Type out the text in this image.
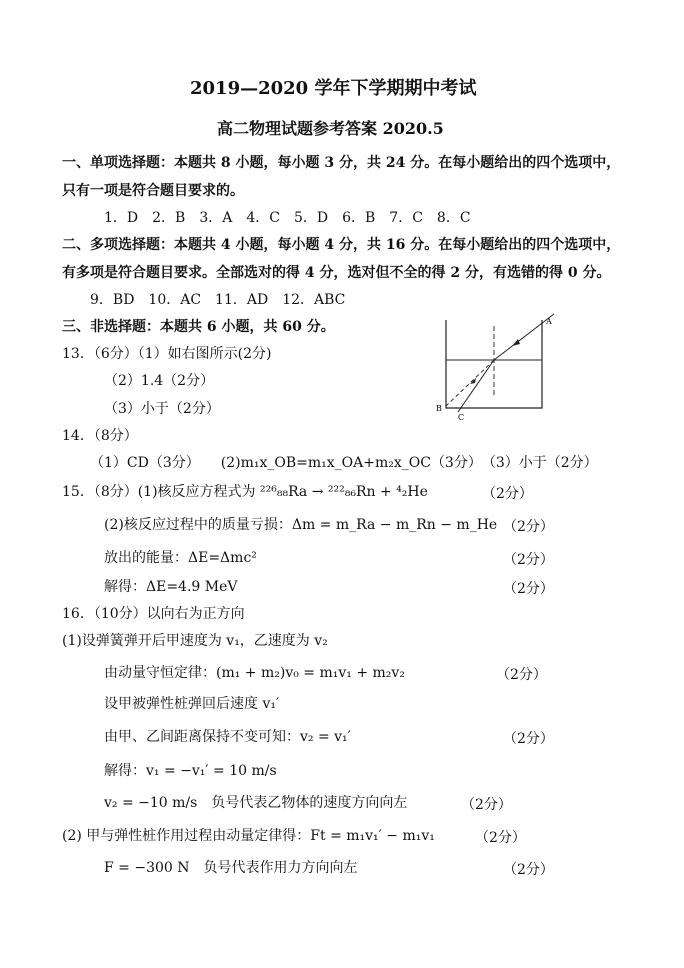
2019—2020 学年下学期期中考试
高二物理试题参考答案 2020.5
一、单项选择题：本题共 8 小题，每小题 3 分，共 24 分。在每小题给出的四个选项中，
只有一项是符合题目要求的。
1．D　2．B　3．A　4．C　5．D　6．B　7．C　8．C
二、多项选择题：本题共 4 小题，每小题 4 分，共 16 分。在每小题给出的四个选项中，
有多项是符合题目要求。全部选对的得 4 分，选对但不全的得 2 分，有选错的得 0 分。
9．BD　10．AC　11．AD　12．ABC
三、非选择题：本题共 6 小题，共 60 分。
13．（6分）（1）如右图所示(2分)
（2）1.4（2分）
（3）小于（2分）
A
B
C
14．（8分）
（1）CD（3分）　　(2)m₁x_OB=m₁x_OA+m₂x_OC（3分）　（3）小于（2分）
15．（8分）(1)核反应方程式为 ²²⁶₈₈Ra → ²²²₈₆Rn + ⁴₂He	（2分）
(2)核反应过程中的质量亏损：Δm = m_Ra − m_Rn − m_He （2分）
放出的能量：ΔE=Δmc²	（2分）
解得：ΔE=4.9 MeV	（2分）
16．（10分）以向右为正方向
(1)设弹簧弹开后甲速度为 v₁，乙速度为 v₂
由动量守恒定律：(m₁ + m₂)v₀ = m₁v₁ + m₂v₂	（2分）
设甲被弹性桩弹回后速度 v₁′
由甲、乙间距离保持不变可知：v₂ = v₁′	（2分）
解得：v₁ = −v₁′ = 10 m/s
v₂ = −10 m/s　负号代表乙物体的速度方向向左	（2分）
(2) 甲与弹性桩作用过程由动量定律得：Ft = m₁v₁′ − m₁v₁	（2分）
F = −300 N　负号代表作用力方向向左	（2分）
